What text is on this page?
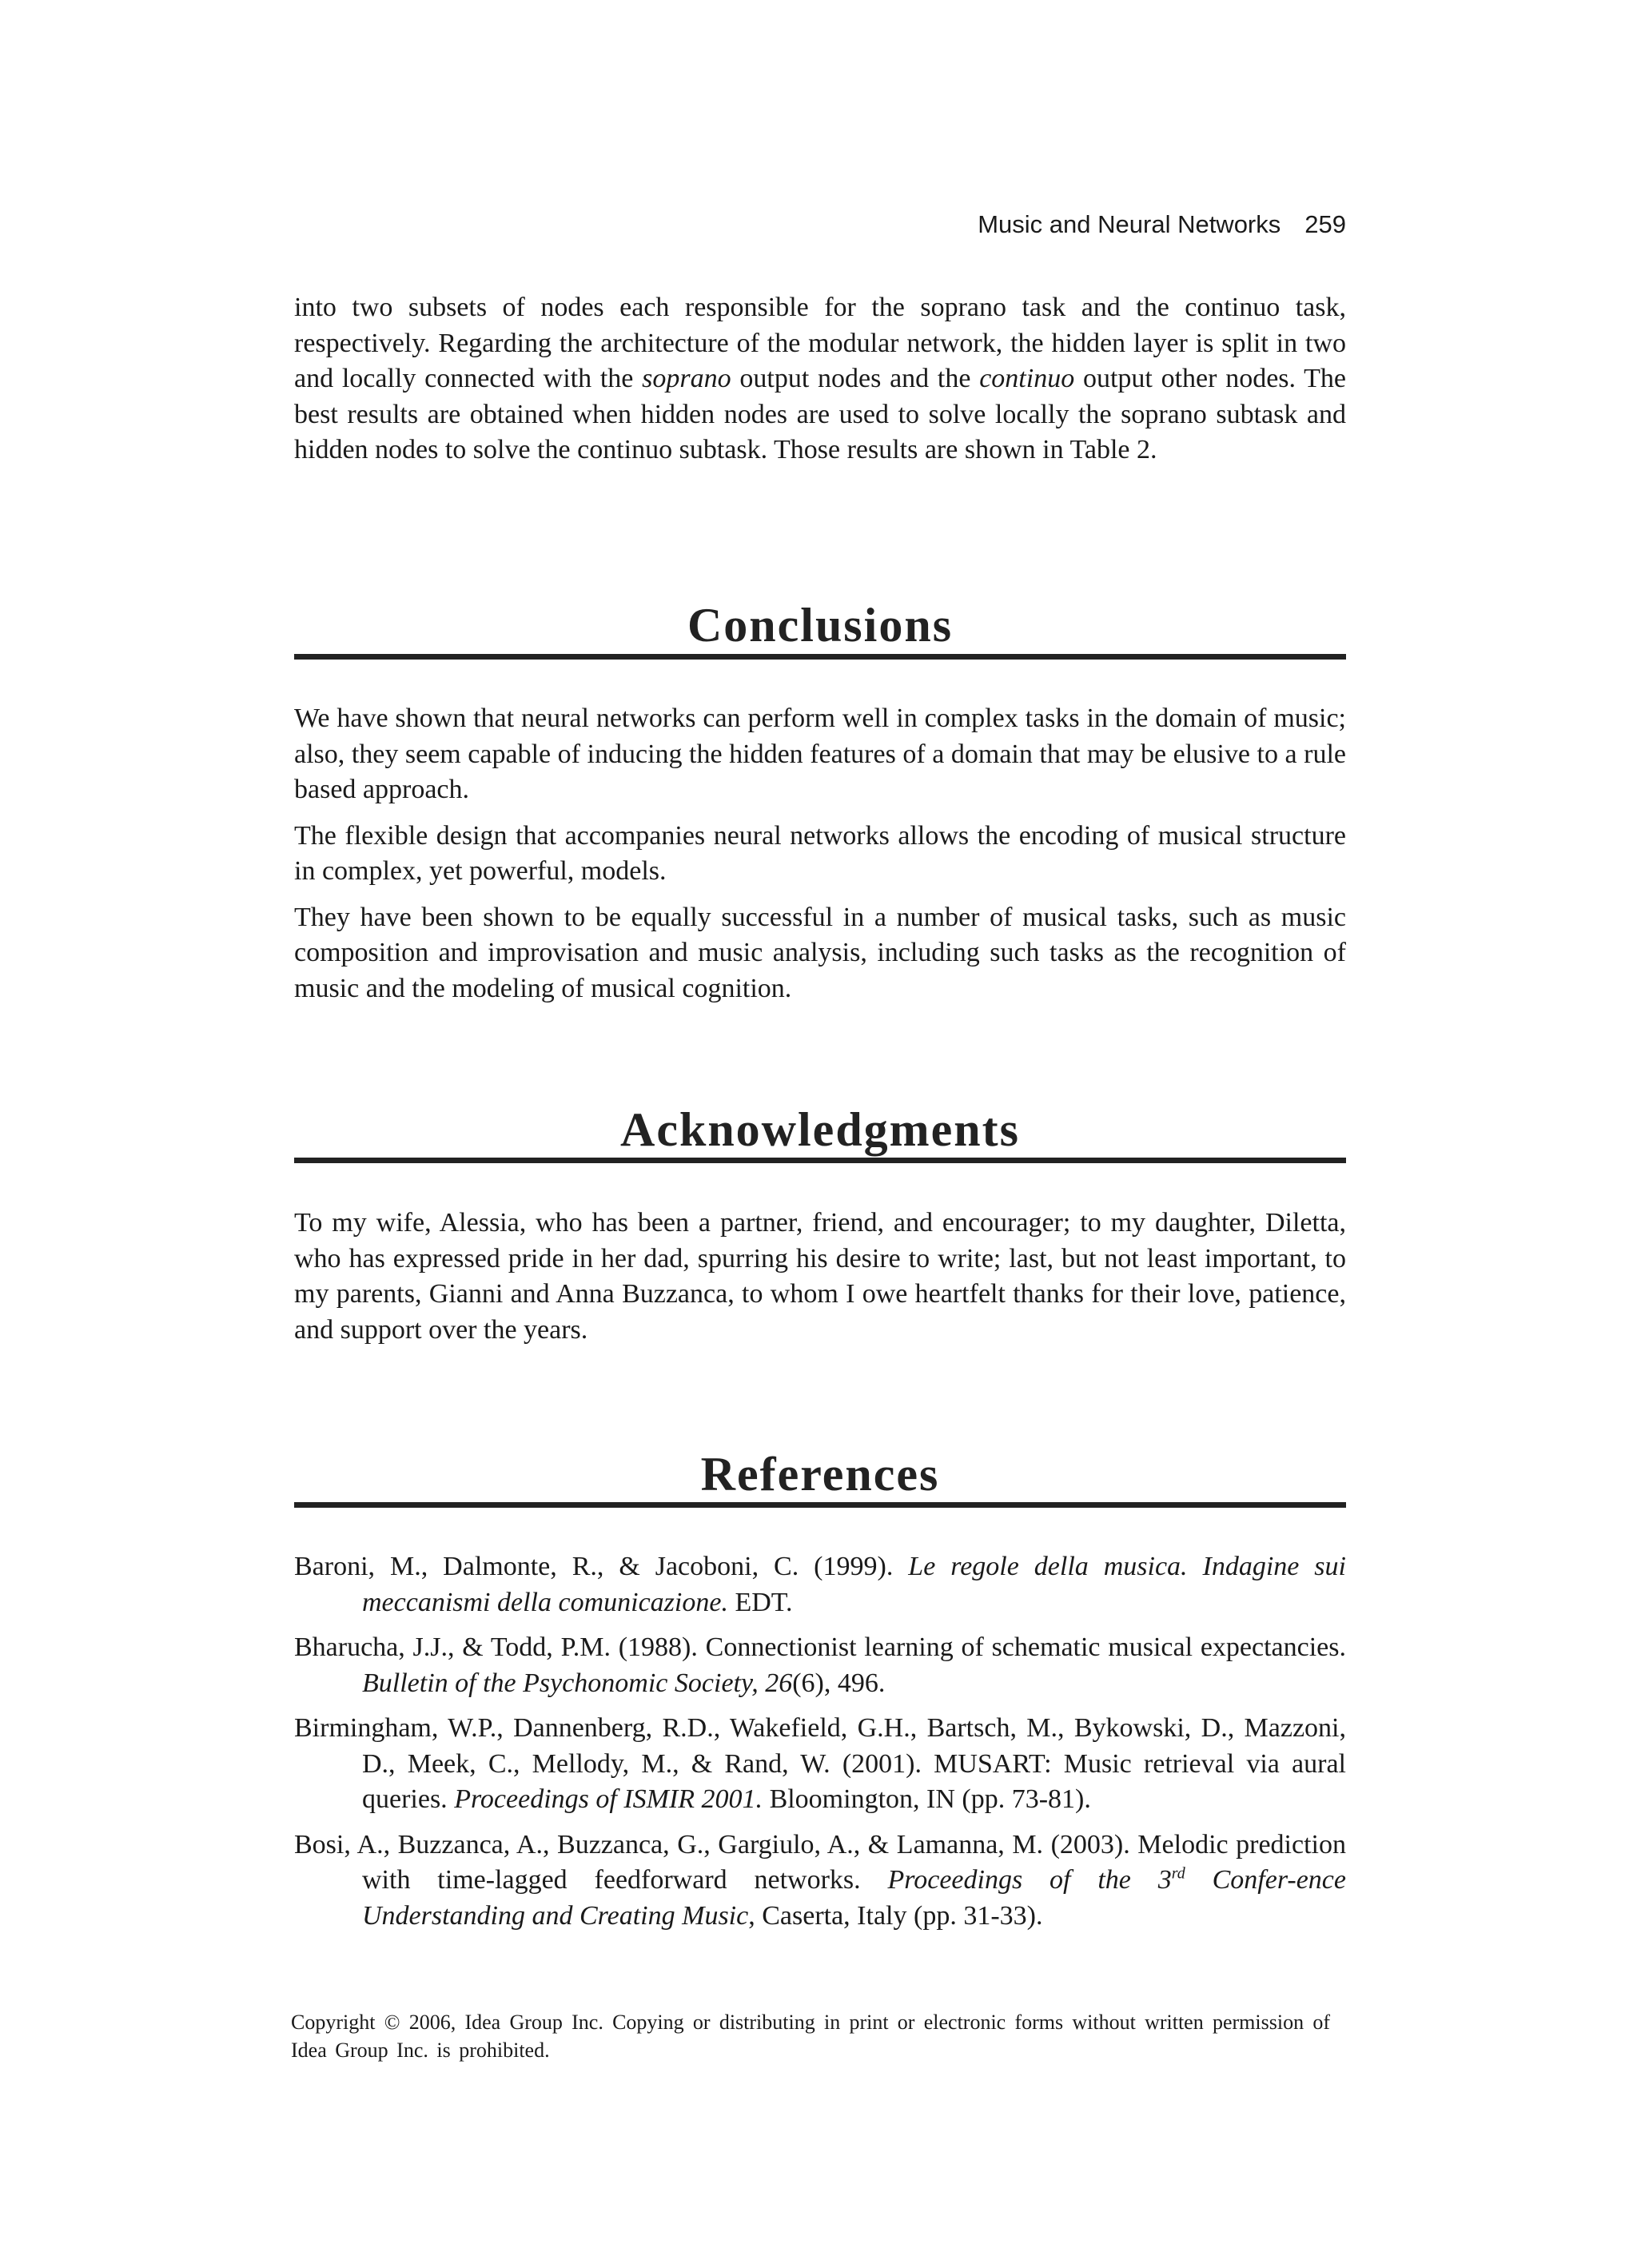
Music and Neural Networks 259

into two subsets of nodes each responsible for the soprano task and the continuo task, respectively. Regarding the architecture of the modular network, the hidden layer is split in two and locally connected with the soprano output nodes and the continuo output other nodes. The best results are obtained when hidden nodes are used to solve locally the soprano subtask and hidden nodes to solve the continuo subtask. Those results are shown in Table 2.

Conclusions

We have shown that neural networks can perform well in complex tasks in the domain of music; also, they seem capable of inducing the hidden features of a domain that may be elusive to a rule based approach.

The flexible design that accompanies neural networks allows the encoding of musical structure in complex, yet powerful, models.

They have been shown to be equally successful in a number of musical tasks, such as music composition and improvisation and music analysis, including such tasks as the recognition of music and the modeling of musical cognition.

Acknowledgments

To my wife, Alessia, who has been a partner, friend, and encourager; to my daughter, Diletta, who has expressed pride in her dad, spurring his desire to write; last, but not least important, to my parents, Gianni and Anna Buzzanca, to whom I owe heartfelt thanks for their love, patience, and support over the years.

References

Baroni, M., Dalmonte, R., & Jacoboni, C. (1999). Le regole della musica. Indagine sui meccanismi della comunicazione. EDT.

Bharucha, J.J., & Todd, P.M. (1988). Connectionist learning of schematic musical expectancies. Bulletin of the Psychonomic Society, 26(6), 496.

Birmingham, W.P., Dannenberg, R.D., Wakefield, G.H., Bartsch, M., Bykowski, D., Mazzoni, D., Meek, C., Mellody, M., & Rand, W. (2001). MUSART: Music retrieval via aural queries. Proceedings of ISMIR 2001. Bloomington, IN (pp. 73-81).

Bosi, A., Buzzanca, A., Buzzanca, G., Gargiulo, A., & Lamanna, M. (2003). Melodic prediction with time-lagged feedforward networks. Proceedings of the 3rd Confer-ence Understanding and Creating Music, Caserta, Italy (pp. 31-33).

Copyright © 2006, Idea Group Inc. Copying or distributing in print or electronic forms without written permission of Idea Group Inc. is prohibited.
